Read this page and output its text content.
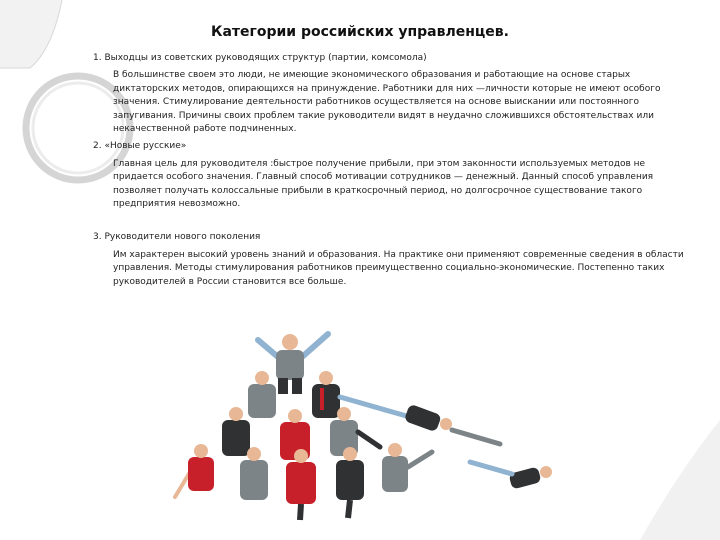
Категории российских управленцев.

1. Выходцы из советских руководящих структур (партии, комсомола)

В большинстве своем это люди, не имеющие экономического образования и работающие на основе старых диктаторских методов, опирающихся на принуждение. Работники для них —личности которые не имеют особого значения. Стимулирование деятельности работников осуществляется на основе выискании или постоянного запугивания. Причины своих проблем такие руководители видят в неудачно сложившихся обстоятельствах или некачественной работе подчиненных.

2. «Новые русские»

Главная цель для руководителя :быстрое получение прибыли, при этом законности используемых методов не придается особого значения. Главный способ мотивации сотрудников — денежный. Данный способ управления позволяет получать колоссальные прибыли в краткосрочный период, но долгосрочное существование такого предприятия невозможно.

3. Руководители нового поколения

Им характерен высокий уровень знаний и образования. На практике они применяют современные сведения в области управления. Методы стимулирования работников преимущественно социально-экономические. Постепенно таких руководителей в России становится все больше.
